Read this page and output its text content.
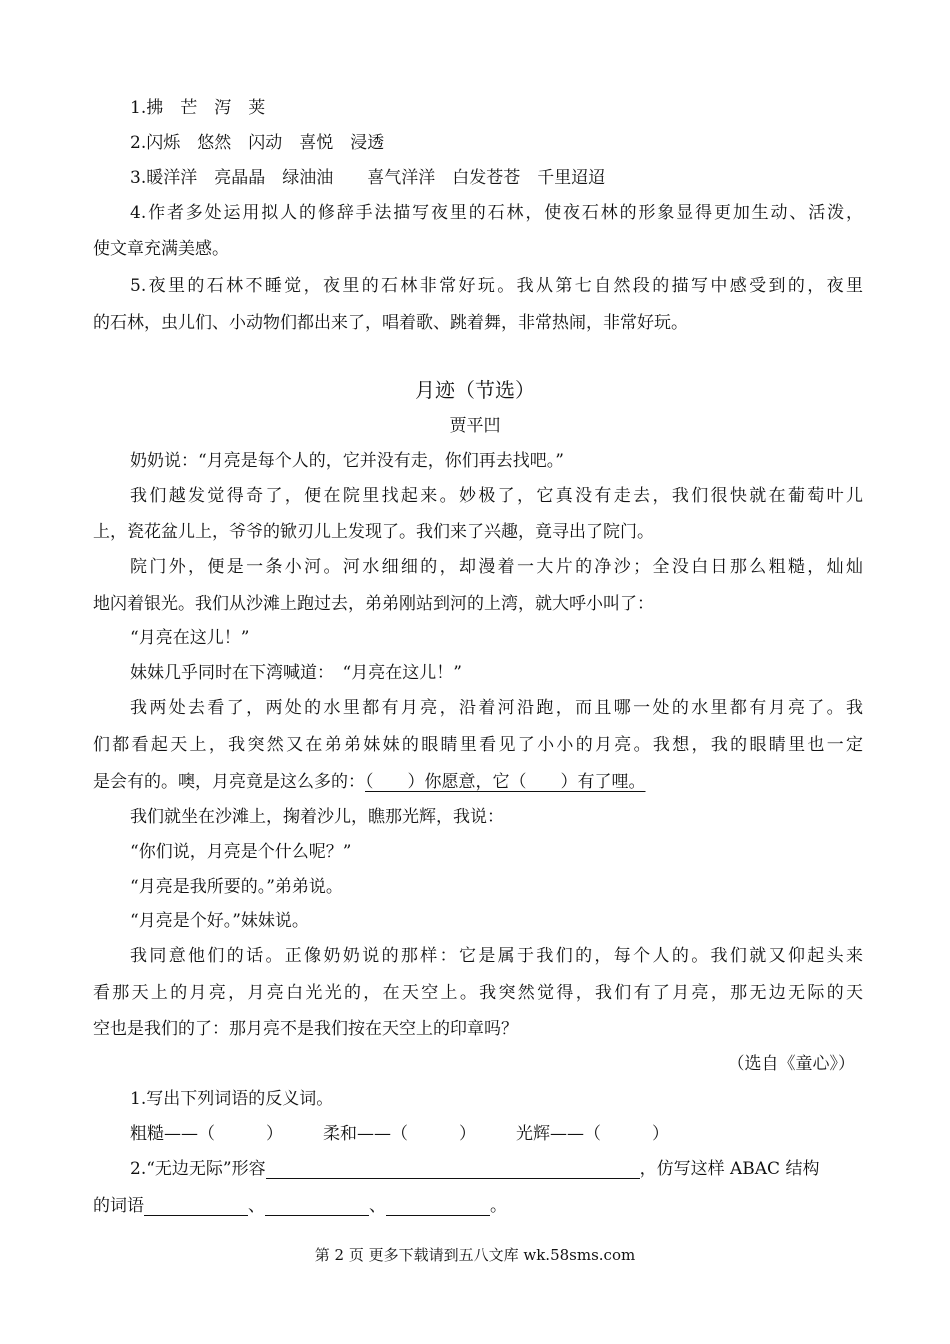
1.拂　芒　泻　荚
2.闪烁　悠然　闪动　喜悦　浸透
3.暖洋洋　亮晶晶　绿油油　　喜气洋洋　白发苍苍　千里迢迢
4.作者多处运用拟人的修辞手法描写夜里的石林，使夜石林的形象显得更加生动、活泼，
使文章充满美感。
5.夜里的石林不睡觉，夜里的石林非常好玩。我从第七自然段的描写中感受到的，夜里
的石林，虫儿们、小动物们都出来了，唱着歌、跳着舞，非常热闹，非常好玩。
月迹（节选）
贾平凹
奶奶说：“月亮是每个人的，它并没有走，你们再去找吧。”
我们越发觉得奇了，便在院里找起来。妙极了，它真没有走去，我们很快就在葡萄叶儿
上，瓷花盆儿上，爷爷的锨刃儿上发现了。我们来了兴趣，竟寻出了院门。
院门外，便是一条小河。河水细细的，却漫着一大片的净沙；全没白日那么粗糙，灿灿
地闪着银光。我们从沙滩上跑过去，弟弟刚站到河的上湾，就大呼小叫了：
“月亮在这儿！”
妹妹几乎同时在下湾喊道：　“月亮在这儿！”
我两处去看了，两处的水里都有月亮，沿着河沿跑，而且哪一处的水里都有月亮了。我
们都看起天上，我突然又在弟弟妹妹的眼睛里看见了小小的月亮。我想，我的眼睛里也一定
是会有的。噢，月亮竟是这么多的：（　　）你愿意，它（　　）有了哩。
我们就坐在沙滩上，掬着沙儿，瞧那光辉，我说：
“你们说，月亮是个什么呢？”
“月亮是我所要的。”弟弟说。
“月亮是个好。”妹妹说。
我同意他们的话。正像奶奶说的那样：它是属于我们的，每个人的。我们就又仰起头来
看那天上的月亮，月亮白光光的，在天空上。我突然觉得，我们有了月亮，那无边无际的天
空也是我们的了：那月亮不是我们按在天空上的印章吗？
（选自《童心》）
1.写出下列词语的反义词。
粗糙——（　　　） 柔和——（　　　） 光辉——（　　　）
2.“无边无际”形容	，仿写这样 ABAC 结构
的词语	、	、	。
第 2 页 更多下载请到五八文库 wk.58sms.com
